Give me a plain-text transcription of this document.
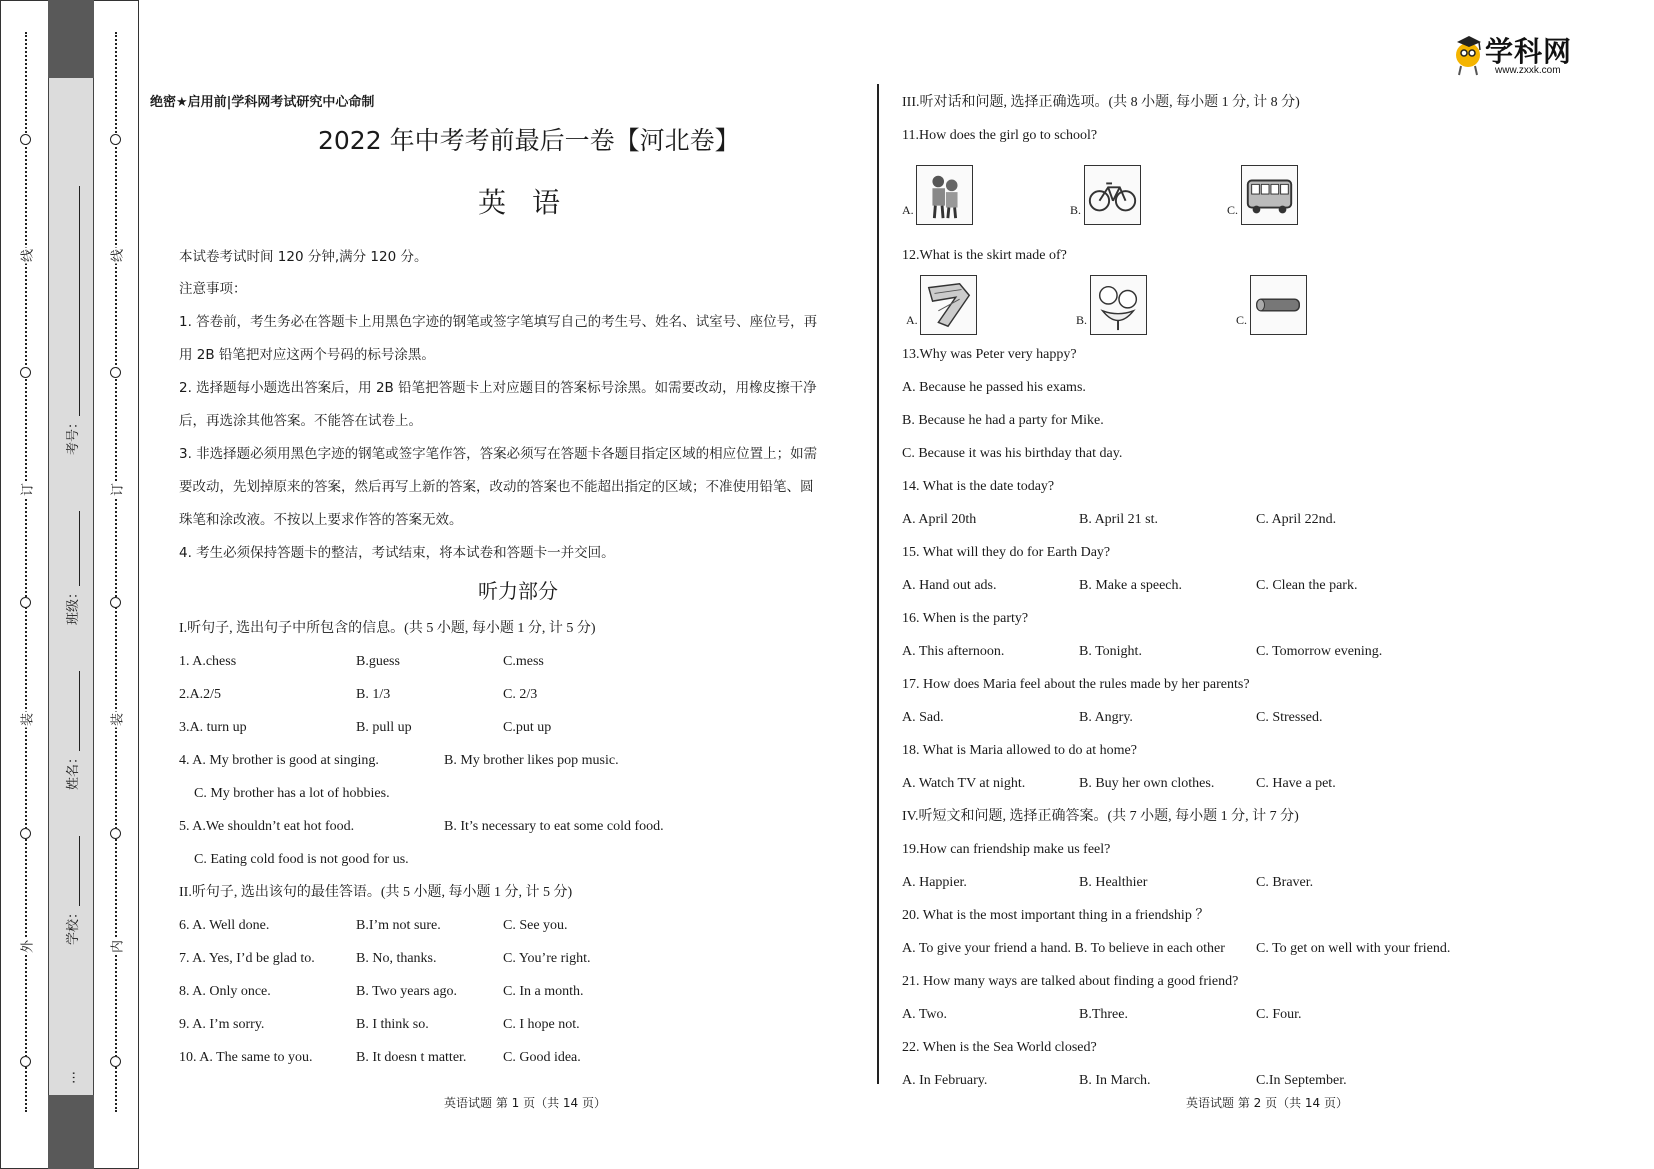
线
订
装
外
线
订
装
内
考号：
班级：
姓名：
学校：
…
学科网
www.zxxk.com
绝密★启用前|学科网考试研究中心命制
2022 年中考考前最后一卷【河北卷】
英语
本试卷考试时间 120 分钟,满分 120 分。
注意事项：
1. 答卷前，考生务必在答题卡上用黑色字迹的钢笔或签字笔填写自己的考生号、姓名、试室号、座位号，再
用 2B 铅笔把对应这两个号码的标号涂黑。
2. 选择题每小题选出答案后，用 2B 铅笔把答题卡上对应题目的答案标号涂黑。如需要改动，用橡皮擦干净
后，再选涂其他答案。不能答在试卷上。
3. 非选择题必须用黑色字迹的钢笔或签字笔作答，答案必须写在答题卡各题目指定区域的相应位置上；如需
要改动，先划掉原来的答案，然后再写上新的答案，改动的答案也不能超出指定的区域；不准使用铅笔、圆
珠笔和涂改液。不按以上要求作答的答案无效。
4. 考生必须保持答题卡的整洁，考试结束，将本试卷和答题卡一并交回。
听力部分
I.听句子, 选出句子中所包含的信息。(共 5 小题, 每小题 1 分, 计 5 分)
1. A.chess	B.guess	C.mess
2.A.2/5	B. 1/3	C. 2/3
3.A. turn up	B. pull up	C.put up
4. A. My brother is good at singing.	B. My brother likes pop music.
C. My brother has a lot of hobbies.
5. A.We shouldn’t eat hot food.	B. It’s necessary to eat some cold food.
C. Eating cold food is not good for us.
II.听句子, 选出该句的最佳答语。(共 5 小题, 每小题 1 分, 计 5 分)
6. A. Well done.	B.I’m not sure.	C. See you.
7. A. Yes, I’d be glad to.	B. No, thanks.	C. You’re right.
8. A. Only once.	B. Two years ago.	C. In a month.
9. A. I’m sorry.	B. I think so.	C. I hope not.
10. A. The same to you.	B. It doesn t matter.	C. Good idea.
英语试题 第 1 页（共 14 页）
III.听对话和问题, 选择正确选项。(共 8 小题, 每小题 1 分, 计 8 分)
11.How does the girl go to school?
A.	B.	C.
12.What is the skirt made of?
A.	B.	C.
13.Why was Peter very happy?
A. Because he passed his exams.
B. Because he had a party for Mike.
C. Because it was his birthday that day.
14. What is the date today?
A. April 20th	B. April 21 st.	C. April 22nd.
15. What will they do for Earth Day?
A. Hand out ads.	B. Make a speech.	C. Clean the park.
16. When is the party?
A. This afternoon.	B. Tonight.	C. Tomorrow evening.
17. How does Maria feel about the rules made by her parents?
A. Sad.	B. Angry.	C. Stressed.
18. What is Maria allowed to do at home?
A. Watch TV at night.	B. Buy her own clothes.	C. Have a pet.
IV.听短文和问题, 选择正确答案。(共 7 小题, 每小题 1 分, 计 7 分)
19.How can friendship make us feel?
A. Happier.	B. Healthier	C. Braver.
20. What is the most important thing in a friendship ？
A. To give your friend a hand. B. To believe in each other C. To get on well with your friend.
21. How many ways are talked about finding a good friend?
A. Two.	B.Three.	C. Four.
22. When is the Sea World closed?
A. In February.	B. In March.	C.In September.
英语试题 第 2 页（共 14 页）
